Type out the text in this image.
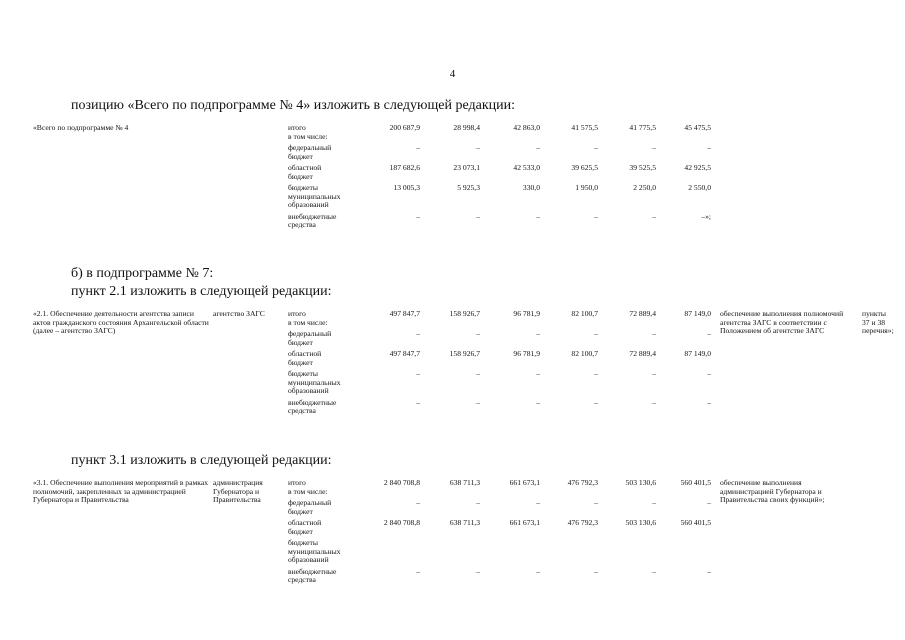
4
позицию «Всего по подпрограмме № 4» изложить в следующей редакции:
б) в подпрограмме № 7:
пункт 2.1 изложить в следующей редакции:
пункт 3.1 изложить в следующей редакции:
«Всего по подпрограмме № 4		итого
в том числе:	200 687,9	28 998,4	42 863,0	41 575,5	41 775,5	45 475,5		
		федеральный
бюджет	–	–	–	–	–	–		
		областной
бюджет	187 682,6	23 073,1	42 533,0	39 625,5	39 525,5	42 925,5		
		бюджеты
муниципальных
образований	13 005,3	5 925,3	330,0	1 950,0	2 250,0	2 550,0		
		внебюджетные
средства	–	–	–	–	–	–»;		
«2.1. Обеспечение деятельности агентства записи актов гражданского состояния Архангельской области (далее – агентство ЗАГС)	агентство ЗАГС	итого
в том числе:	497 847,7	158 926,7	96 781,9	82 100,7	72 889,4	87 149,0	обеспечение выполнения полномочий агентства ЗАГС в соответствии с Положением об агентстве ЗАГС	пункты 37 и 38 перечня»;
		федеральный
бюджет	–	–	–	–	–	–		
		областной
бюджет	497 847,7	158 926,7	96 781,9	82 100,7	72 889,4	87 149,0		
		бюджеты
муниципальных
образований	–	–	–	–	–	–		
		внебюджетные
средства	–	–	–	–	–	–		
«3.1. Обеспечение выполнения мероприятий в рамках полномочий, закрепленных за администрацией Губернатора и Правительства	администрация Губернатора и Правительства	итого
в том числе:	2 840 708,8	638 711,3	661 673,1	476 792,3	503 130,6	560 401,5	обеспечение выполнения администрацией Губернатора и Правительства своих функций»;	
		федеральный
бюджет	–	–	–	–	–	–		
		областной
бюджет	2 840 708,8	638 711,3	661 673,1	476 792,3	503 130,6	560 401,5		
		бюджеты
муниципальных
образований								
		внебюджетные
средства	–	–	–	–	–	–		
